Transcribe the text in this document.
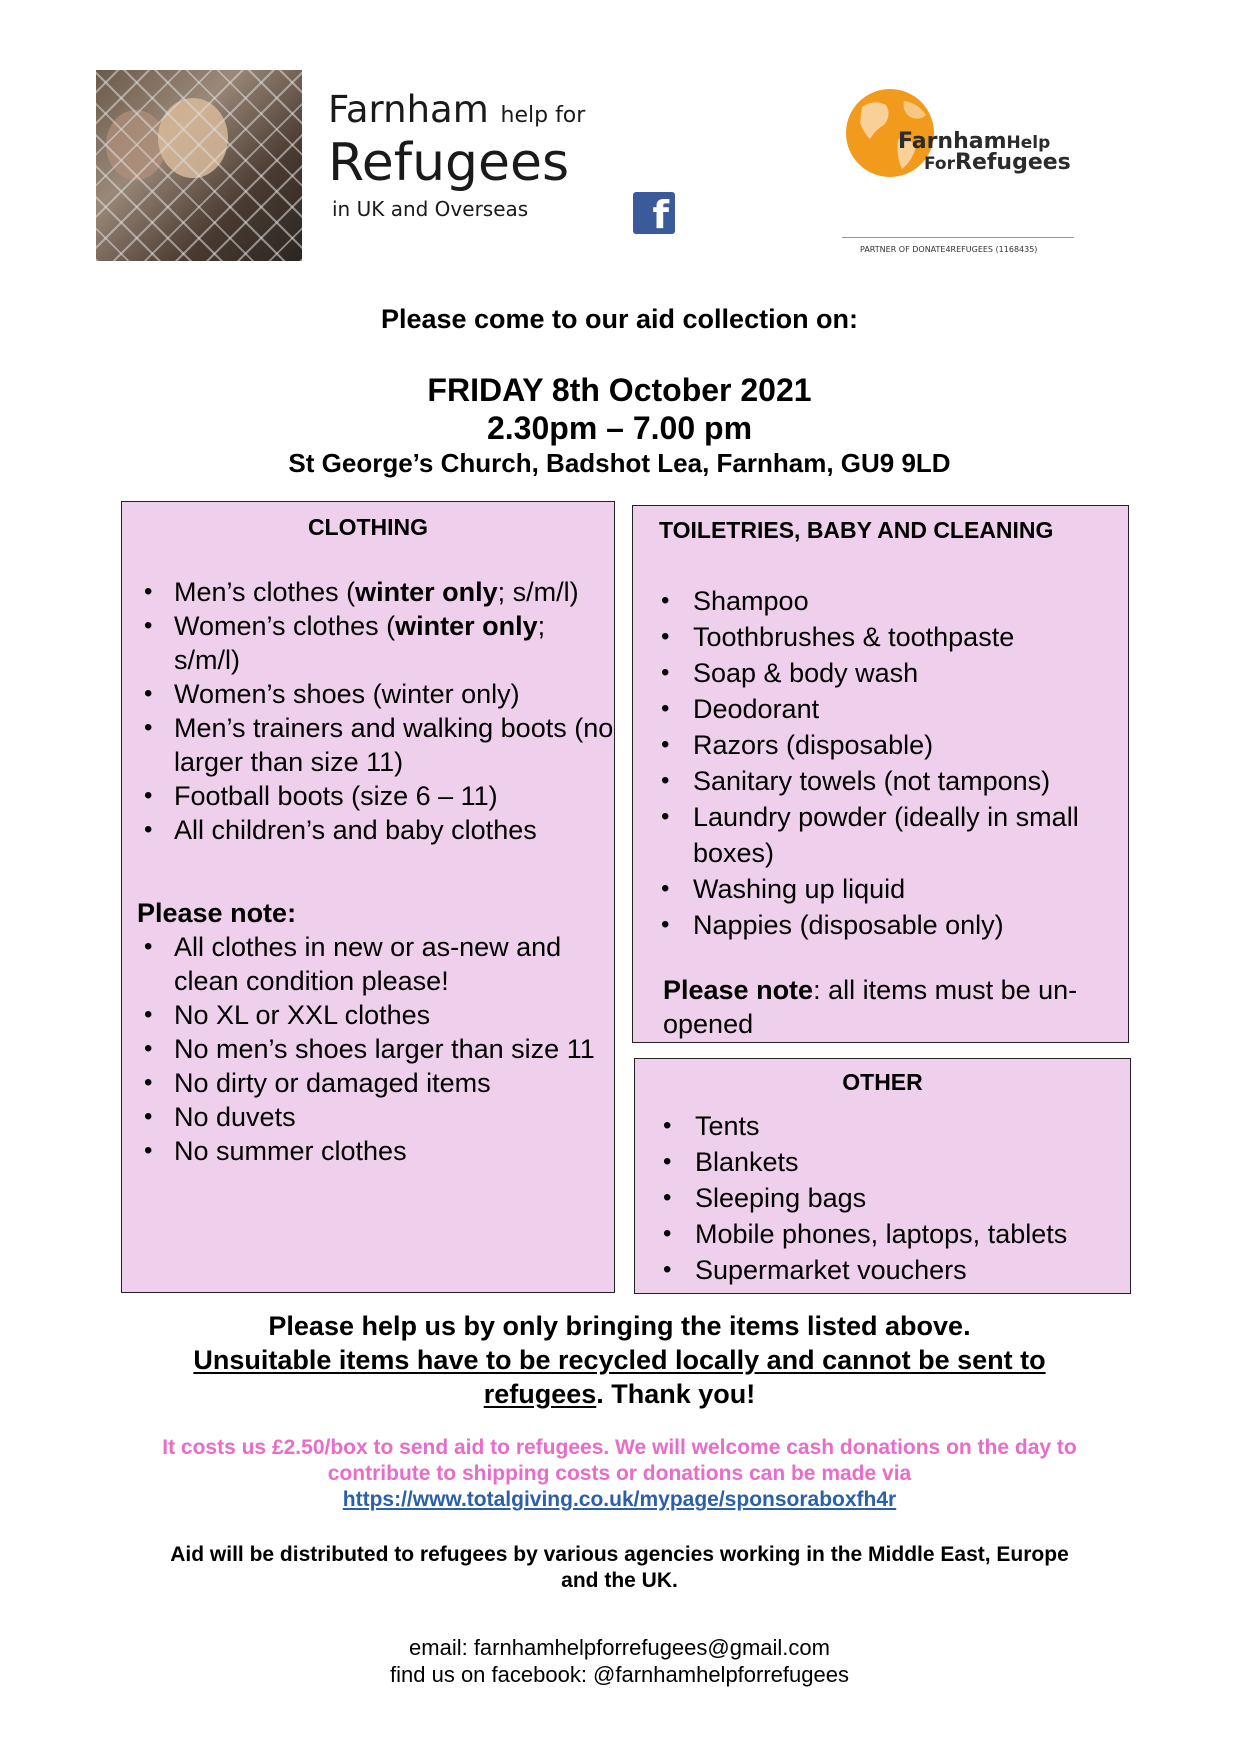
Farnham help for
Refugees
in UK and Overseas	f
FarnhamHelp
ForRefugees
PARTNER OF DONATE4REFUGEES (1168435)
Please come to our aid collection on:
FRIDAY 8th October 2021
2.30pm – 7.00 pm
St George’s Church, Badshot Lea, Farnham, GU9 9LD
CLOTHING
• Men’s clothes (winter only; s/m/l)
• Women’s clothes (winter only; s/m/l)
• Women’s shoes (winter only)
• Men’s trainers and walking boots (no larger than size 11)
• Football boots (size 6 – 11)
• All children’s and baby clothes
Please note:
• All clothes in new or as-new and clean condition please!
• No XL or XXL clothes
• No men’s shoes larger than size 11
• No dirty or damaged items
• No duvets
• No summer clothes
TOILETRIES, BABY AND CLEANING
• Shampoo
• Toothbrushes & toothpaste
• Soap & body wash
• Deodorant
• Razors (disposable)
• Sanitary towels (not tampons)
• Laundry powder (ideally in small boxes)
• Washing up liquid
• Nappies (disposable only)
Please note: all items must be un-opened
OTHER
• Tents
• Blankets
• Sleeping bags
• Mobile phones, laptops, tablets
• Supermarket vouchers
Please help us by only bringing the items listed above.
Unsuitable items have to be recycled locally and cannot be sent to
refugees. Thank you!
It costs us £2.50/box to send aid to refugees. We will welcome cash donations on the day to
contribute to shipping costs or donations can be made via
https://www.totalgiving.co.uk/mypage/sponsoraboxfh4r
Aid will be distributed to refugees by various agencies working in the Middle East, Europe
and the UK.
email: farnhamhelpforrefugees@gmail.com
find us on facebook: @farnhamhelpforrefugees
